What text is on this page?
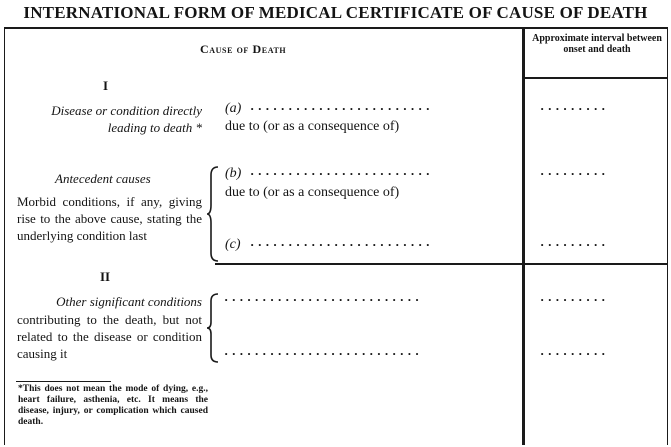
INTERNATIONAL FORM OF MEDICAL CERTIFICATE OF CAUSE OF DEATH
Cause of Death
Approximate interval between onset and death
I
II
Disease or condition directly leading to death *
Antecedent causes
Morbid conditions, if any, giving rise to the above cause, stating the underlying condition last
Other significant conditions
contributing to the death, but not related to the disease or condition causing it
(a) ························
due to (or as a consequence of)
(b) ························
due to (or as a consequence of)
(c) ························
··························
··························
·········
·········
·········
·········
·········
*This does not mean the mode of dying, e.g., heart failure, asthenia, etc. It means the disease, injury, or complication which caused death.
